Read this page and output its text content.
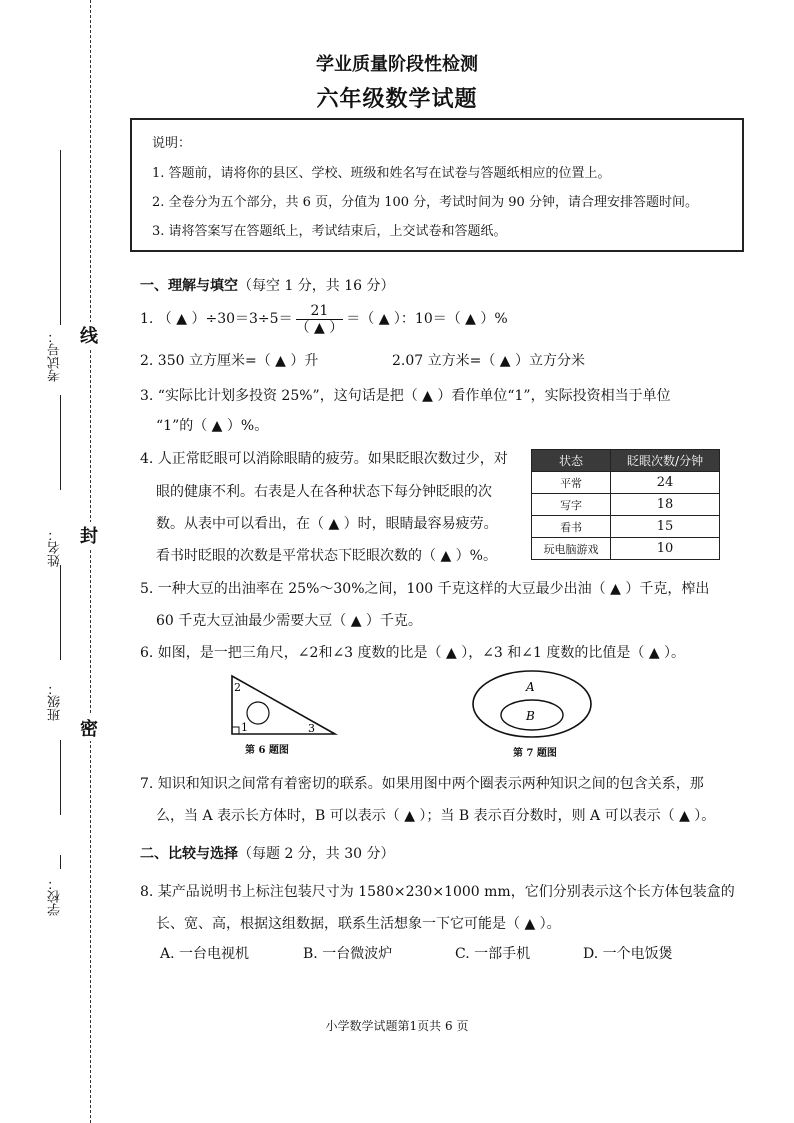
考试号：
姓名：
班级：
学校：
线
封
密
学业质量阶段性检测
六年级数学试题
说明：
1. 答题前，请将你的县区、学校、班级和姓名写在试卷与答题纸相应的位置上。
2. 全卷分为五个部分，共 6 页，分值为 100 分，考试时间为 90 分钟，请合理安排答题时间。
3. 请将答案写在答题纸上，考试结束后，上交试卷和答题纸。
一、理解与填空（每空 1 分，共 16 分）
1. （ ▲ ）$\div 30=3\div 5= \frac{21}{( ▲ )}$ ＝（ ▲ ）：10＝（ ▲ ）%
2. 350 立方厘米=（ ▲ ）升	2.07 立方米=（ ▲ ）立方分米
3. “实际比计划多投资 25%”，这句话是把（ ▲ ）看作单位“1”，实际投资相当于单位
“1”的（ ▲ ）%。
4. 人正常眨眼可以消除眼睛的疲劳。如果眨眼次数过少，对
眼的健康不利。右表是人在各种状态下每分钟眨眼的次
数。从表中可以看出，在（ ▲ ）时，眼睛最容易疲劳。
看书时眨眼的次数是平常状态下眨眼次数的（ ▲ ）%。
状态	眨眼次数/分钟
平常	24
写字	18
看书	15
玩电脑游戏	10
5. 一种大豆的出油率在 25%～30%之间，100 千克这样的大豆最少出油（ ▲ ）千克，榨出
60 千克大豆油最少需要大豆（ ▲ ）千克。
6. 如图，是一把三角尺，∠2和∠3 度数的比是（ ▲ ），∠3 和∠1 度数的比值是（ ▲ ）。
2
1	3
第 6 题图
A
B
第 7 题图
7. 知识和知识之间常有着密切的联系。如果用图中两个圈表示两种知识之间的包含关系，那
么，当 A 表示长方体时，B 可以表示（ ▲ ）；当 B 表示百分数时，则 A 可以表示（ ▲ ）。
二、比较与选择（每题 2 分，共 30 分）
8. 某产品说明书上标注包装尺寸为 1580×230×1000 mm，它们分别表示这个长方体包装盒的
长、宽、高，根据这组数据，联系生活想象一下它可能是（ ▲ ）。
A. 一台电视机	B. 一台微波炉	C. 一部手机	D. 一个电饭煲
小学数学试题第1页共 6 页
